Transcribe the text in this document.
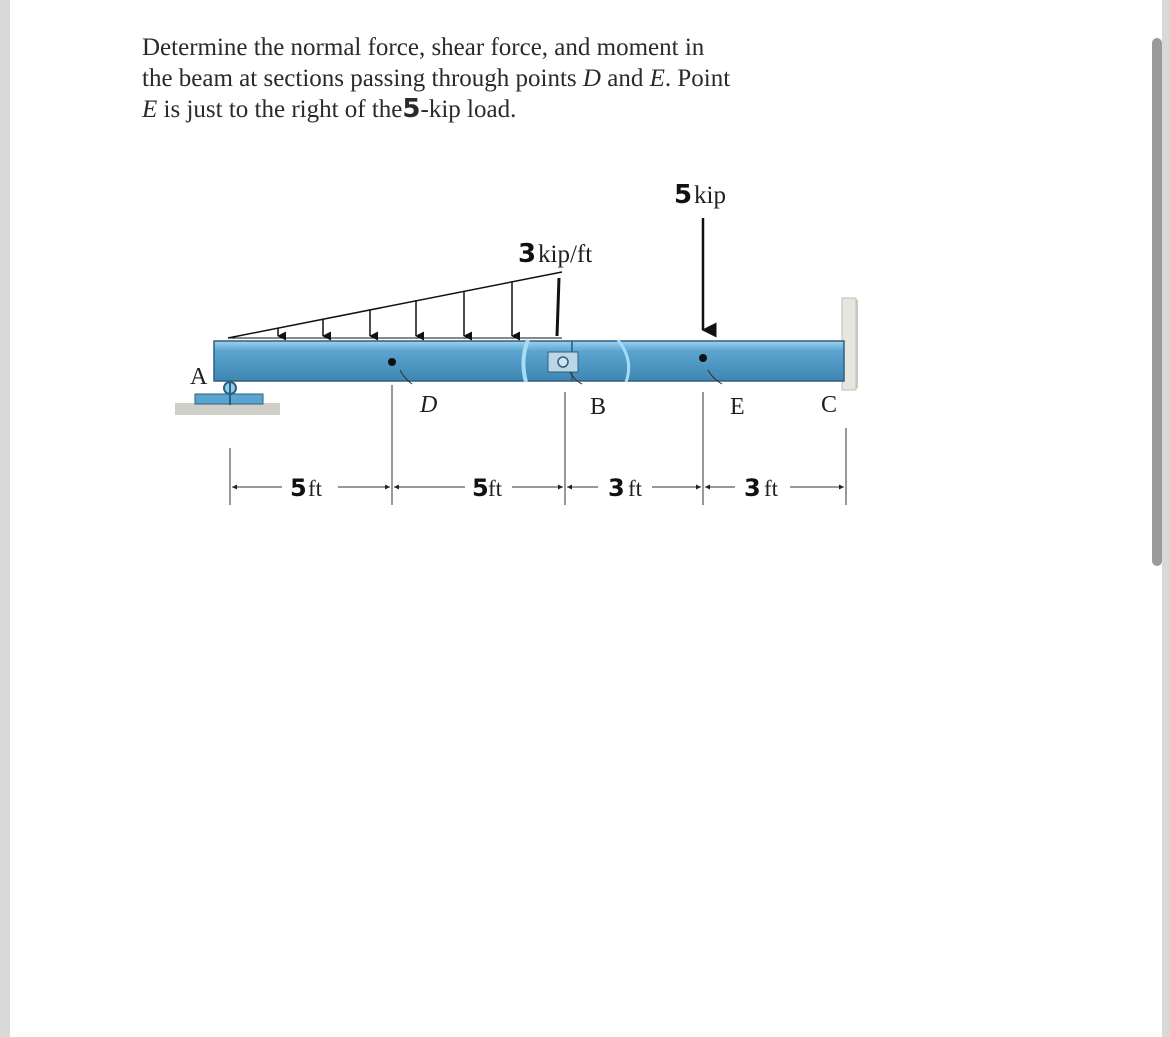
Determine the normal force, shear force, and moment in
the beam at sections passing through points D and E. Point
E is just to the right of the5-kip load.

3 kip/ft
5 kip
A
D	B	E	C
5 ft	5 ft	3 ft	3 ft
